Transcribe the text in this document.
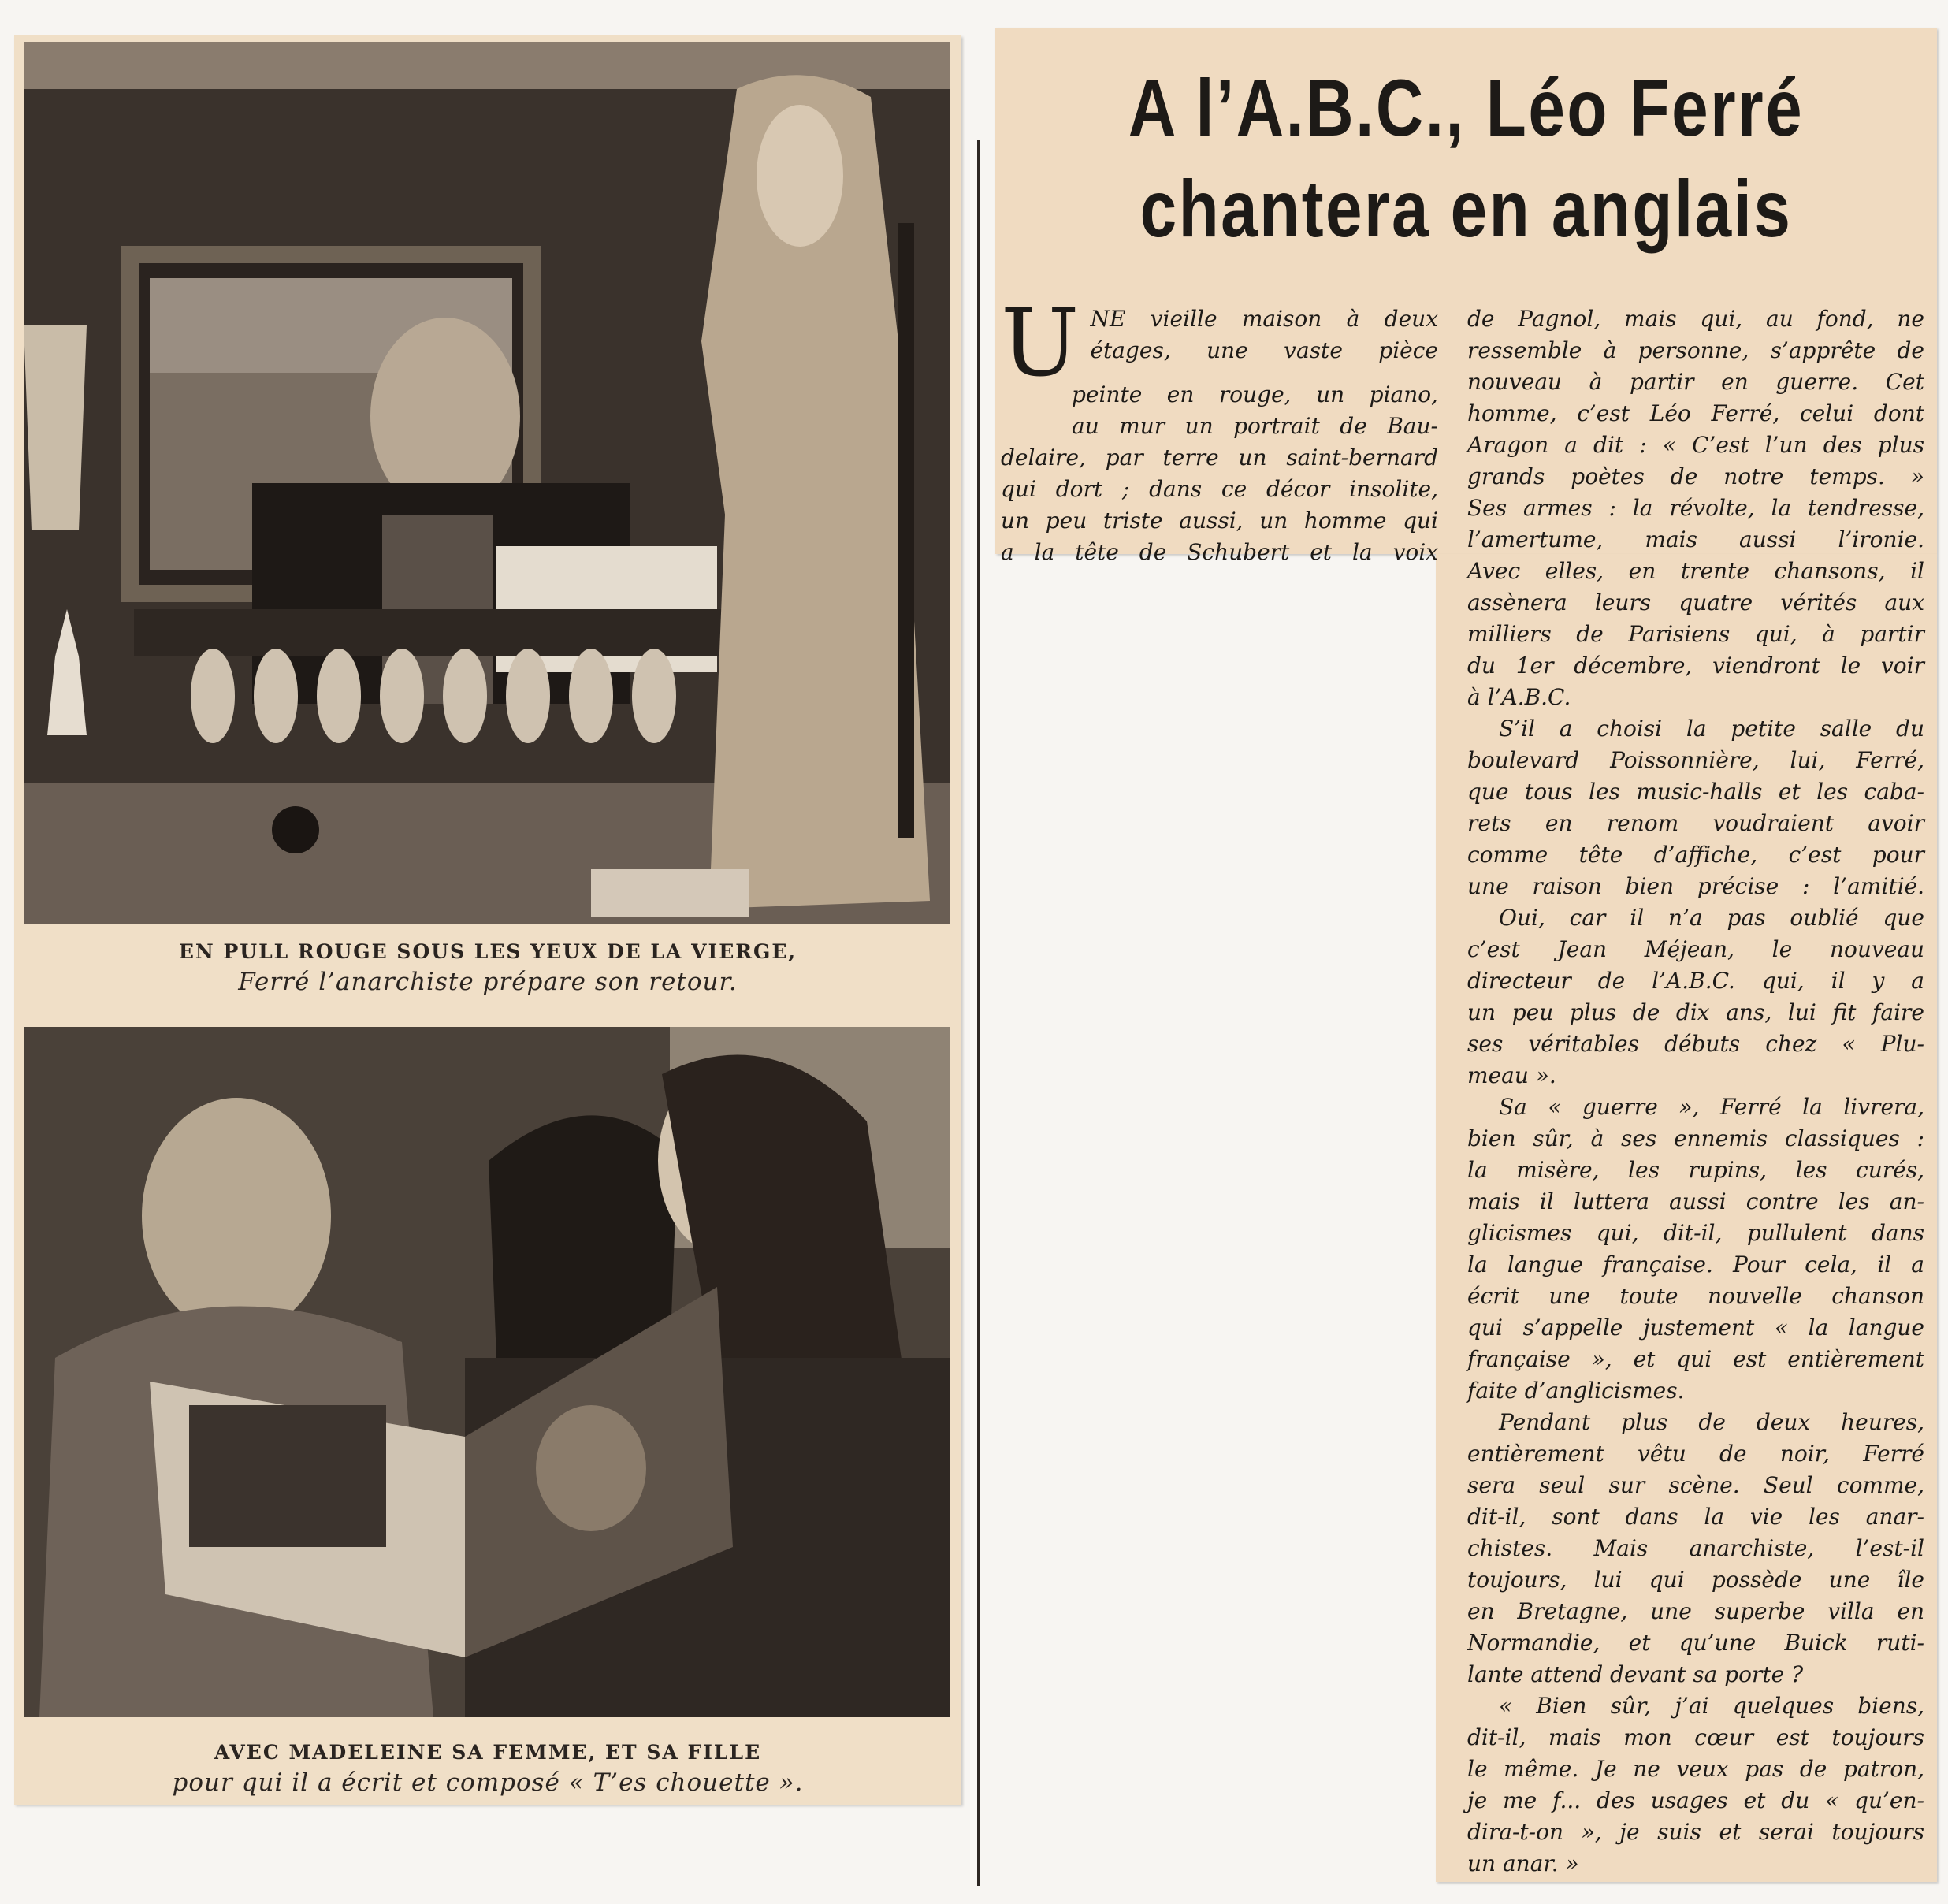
EN PULL ROUGE SOUS LES YEUX DE LA VIERGE,
Ferré l’anarchiste prépare son retour.
AVEC MADELEINE SA FEMME, ET SA FILLE
pour qui il a écrit et composé « T’es chouette ».
A l’A.B.C., Léo Ferré
chantera en anglais
U NE vieille maison à deux
étages, une vaste pièce
peinte en rouge, un piano,
au mur un portrait de Bau-
delaire, par terre un saint-bernard
qui dort ; dans ce décor insolite,
un peu triste aussi, un homme qui
a la tête de Schubert et la voix
de Pagnol, mais qui, au fond, ne
ressemble à personne, s’apprête de
nouveau à partir en guerre. Cet
homme, c’est Léo Ferré, celui dont
Aragon a dit : « C’est l’un des plus
grands poètes de notre temps. »
Ses armes : la révolte, la tendresse,
l’amertume, mais aussi l’ironie.
Avec elles, en trente chansons, il
assènera leurs quatre vérités aux
milliers de Parisiens qui, à partir
du 1er décembre, viendront le voir
à l’A.B.C.
S’il a choisi la petite salle du
boulevard Poissonnière, lui, Ferré,
que tous les music-halls et les caba-
rets en renom voudraient avoir
comme tête d’affiche, c’est pour
une raison bien précise : l’amitié.
Oui, car il n’a pas oublié que
c’est Jean Méjean, le nouveau
directeur de l’A.B.C. qui, il y a
un peu plus de dix ans, lui fit faire
ses véritables débuts chez « Plu-
meau ».
Sa « guerre », Ferré la livrera,
bien sûr, à ses ennemis classiques :
la misère, les rupins, les curés,
mais il luttera aussi contre les an-
glicismes qui, dit-il, pullulent dans
la langue française. Pour cela, il a
écrit une toute nouvelle chanson
qui s’appelle justement « la langue
française », et qui est entièrement
faite d’anglicismes.
Pendant plus de deux heures,
entièrement vêtu de noir, Ferré
sera seul sur scène. Seul comme,
dit-il, sont dans la vie les anar-
chistes. Mais anarchiste, l’est-il
toujours, lui qui possède une île
en Bretagne, une superbe villa en
Normandie, et qu’une Buick ruti-
lante attend devant sa porte ?
« Bien sûr, j’ai quelques biens,
dit-il, mais mon cœur est toujours
le même. Je ne veux pas de patron,
je me f... des usages et du « qu’en-
dira-t-on », je suis et serai toujours
un anar. »
